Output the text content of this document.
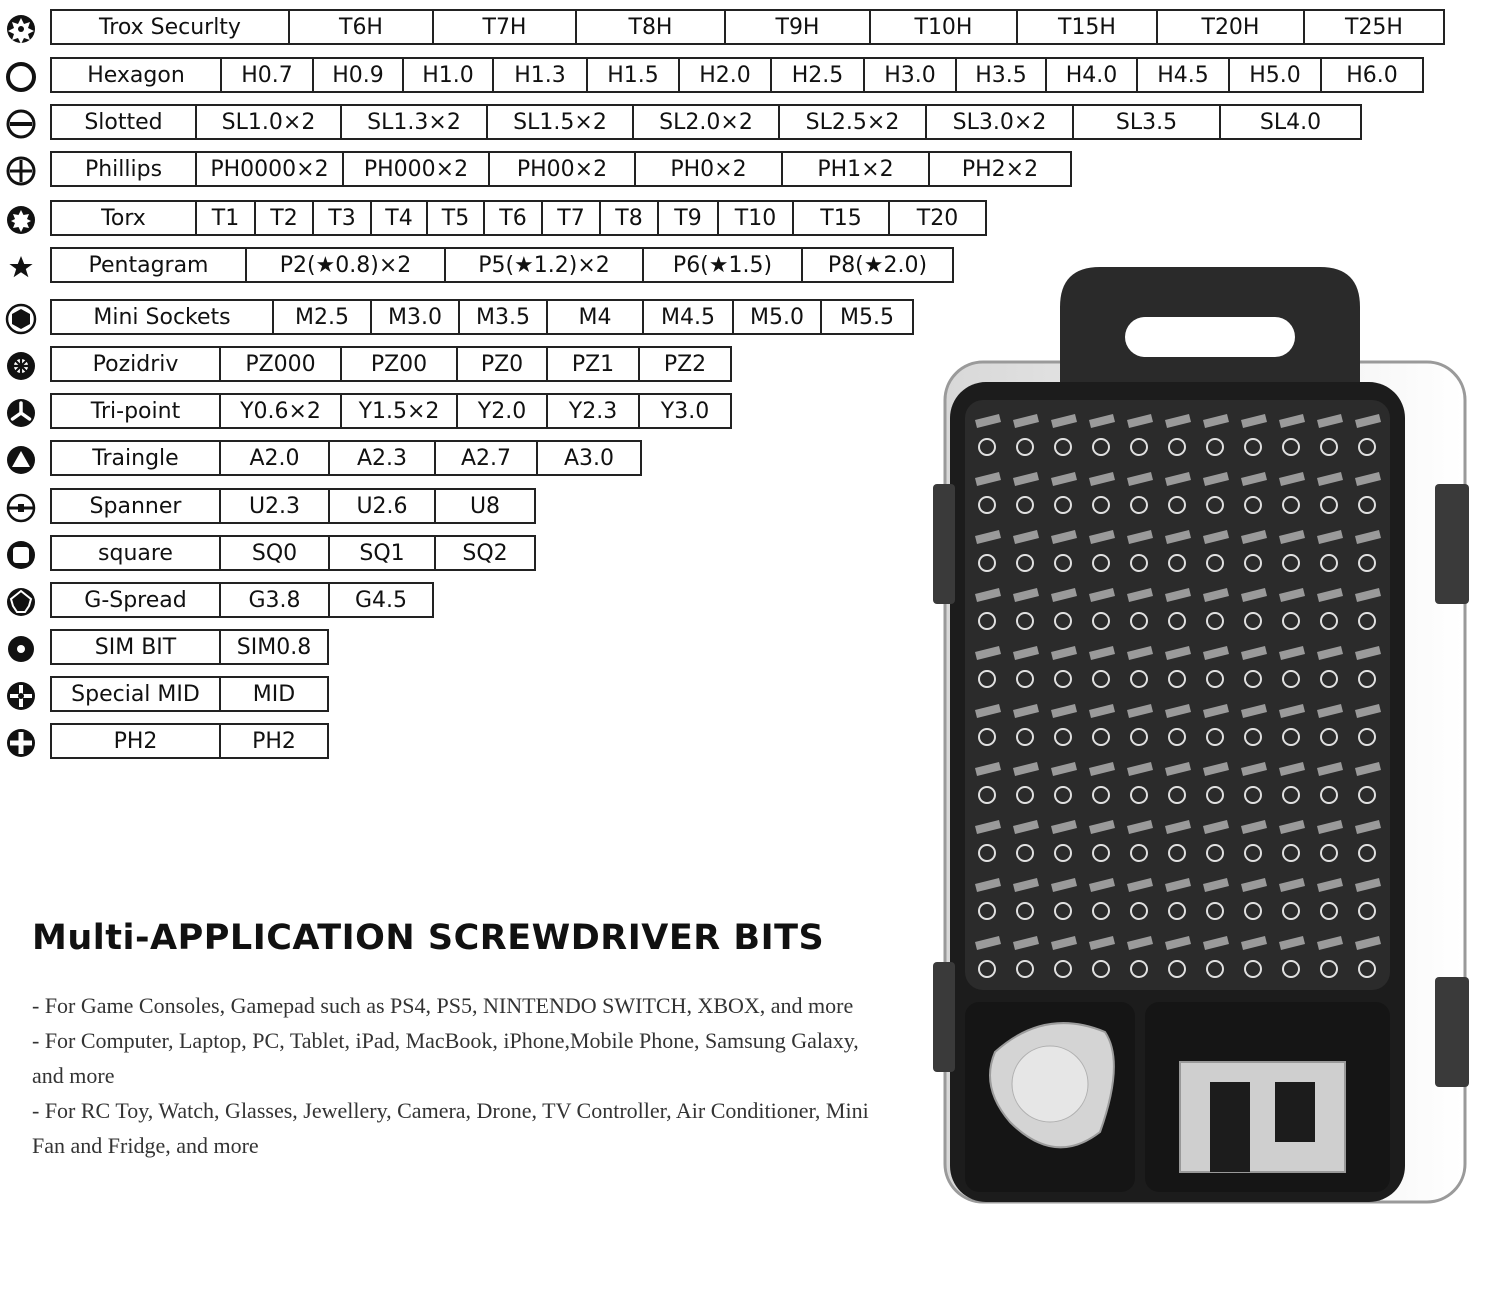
Trox Securlty	T6H	T7H	T8H	T9H	T10H	T15H	T20H	T25H
Hexagon	H0.7	H0.9	H1.0	H1.3	H1.5	H2.0	H2.5	H3.0	H3.5	H4.0	H4.5	H5.0	H6.0
Slotted	SL1.0×2	SL1.3×2	SL1.5×2	SL2.0×2	SL2.5×2	SL3.0×2	SL3.5	SL4.0
Phillips	PH0000×2	PH000×2	PH00×2	PH0×2	PH1×2	PH2×2
Torx	T1	T2	T3	T4	T5	T6	T7	T8	T9	T10	T15	T20
Pentagram	P2(★0.8)×2	P5(★1.2)×2	P6(★1.5)	P8(★2.0)
Mini Sockets	M2.5	M3.0	M3.5	M4	M4.5	M5.0	M5.5
Pozidriv	PZ000	PZ00	PZ0	PZ1	PZ2
Tri-point	Y0.6×2	Y1.5×2	Y2.0	Y2.3	Y3.0
Traingle	A2.0	A2.3	A2.7	A3.0
Spanner	U2.3	U2.6	U8
square	SQ0	SQ1	SQ2
G-Spread	G3.8	G4.5
SIM BIT	SIM0.8
Special MID	MID
PH2	PH2
Multi-APPLICATION SCREWDRIVER BITS
- For Game Consoles, Gamepad such as PS4, PS5, NINTENDO SWITCH, XBOX, and more
- For Computer, Laptop, PC, Tablet, iPad, MacBook, iPhone,Mobile Phone, Samsung Galaxy, and more
- For RC Toy, Watch, Glasses, Jewellery, Camera, Drone, TV Controller, Air Conditioner, Mini Fan and Fridge, and more
